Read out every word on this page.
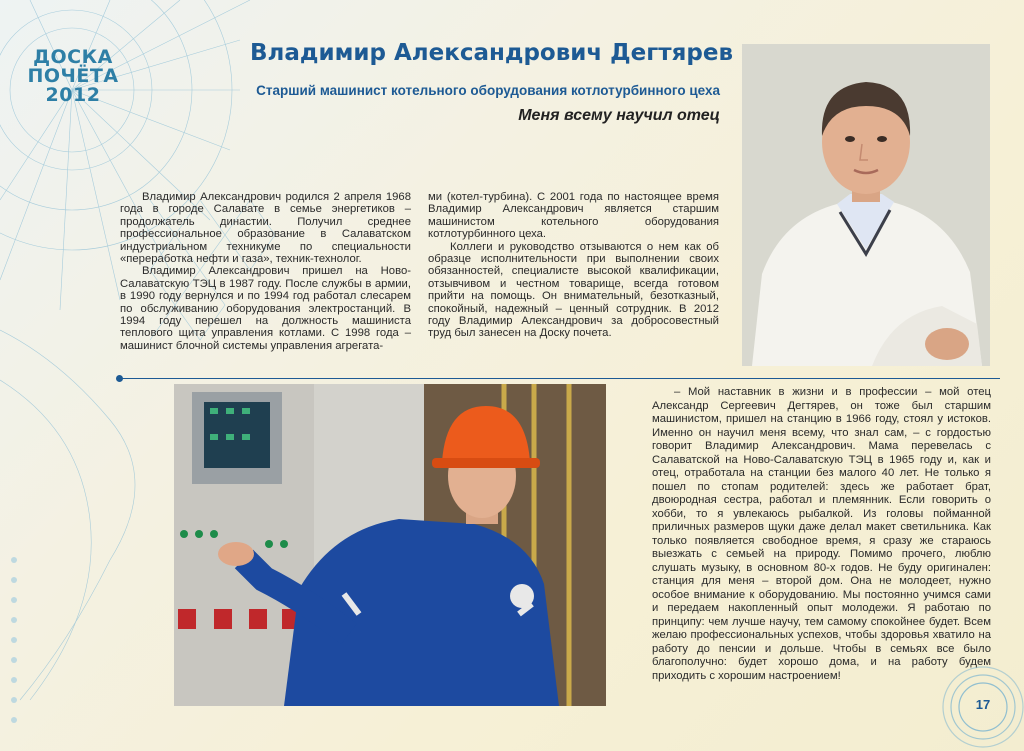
ДОСКА
ПОЧЁТА
2012
Владимир Александрович Дегтярев
Старший машинист котельного оборудования котлотурбинного цеха
Меня всему научил отец

Владимир Александрович родился 2 апреля 1968 года в городе Салавате в семье энергетиков – продолжатель династии. Получил среднее профессиональное образование в Салаватском индустриальном техникуме по специальности «переработка нефти и газа», техник-технолог.

Владимир Александрович пришел на Ново-Салаватскую ТЭЦ в 1987 году. После службы в армии, в 1990 году вернулся и по 1994 год работал слесарем по обслуживанию оборудования электростанций. В 1994 году перешел на должность машиниста теплового щита управления котлами. С 1998 года – машинист блочной системы управления агрегата-

ми (котел-турбина). С 2001 года по настоящее время Владимир Александрович является старшим машинистом котельного оборудования котлотурбинного цеха.

Коллеги и руководство отзываются о нем как об образце исполнительности при выполнении своих обязанностей, специалисте высокой квалификации, отзывчивом и честном товарище, всегда готовом прийти на помощь. Он внимательный, безотказный, спокойный, надежный – ценный сотрудник. В 2012 году Владимир Александрович за добросовестный труд был занесен на Доску почета.

– Мой наставник в жизни и в профессии – мой отец Александр Сергеевич Дегтярев, он тоже был старшим машинистом, пришел на станцию в 1966 году, стоял у истоков. Именно он научил меня всему, что знал сам, – с гордостью говорит Владимир Александрович. Мама перевелась с Салаватской на Ново-Салаватскую ТЭЦ в 1965 году и, как и отец, отработала на станции без малого 40 лет. Не только я пошел по стопам родителей: здесь же работает брат, двоюродная сестра, работал и племянник. Если говорить о хобби, то я увлекаюсь рыбалкой. Из головы пойманной приличных размеров щуки даже делал макет светильника. Как только появляется свободное время, я сразу же стараюсь выезжать с семьей на природу. Помимо прочего, люблю слушать музыку, в основном 80-х годов. Не буду оригинален: станция для меня – второй дом. Она не молодеет, нужно особое внимание к оборудованию. Мы постоянно учимся сами и передаем накопленный опыт молодежи. Я работаю по принципу: чем лучше научу, тем самому спокойнее будет. Всем желаю профессиональных успехов, чтобы здоровья хватило на работу до пенсии и дольше. Чтобы в семьях все было благополучно: будет хорошо дома, и на работу будем приходить с хорошим настроением!

17
